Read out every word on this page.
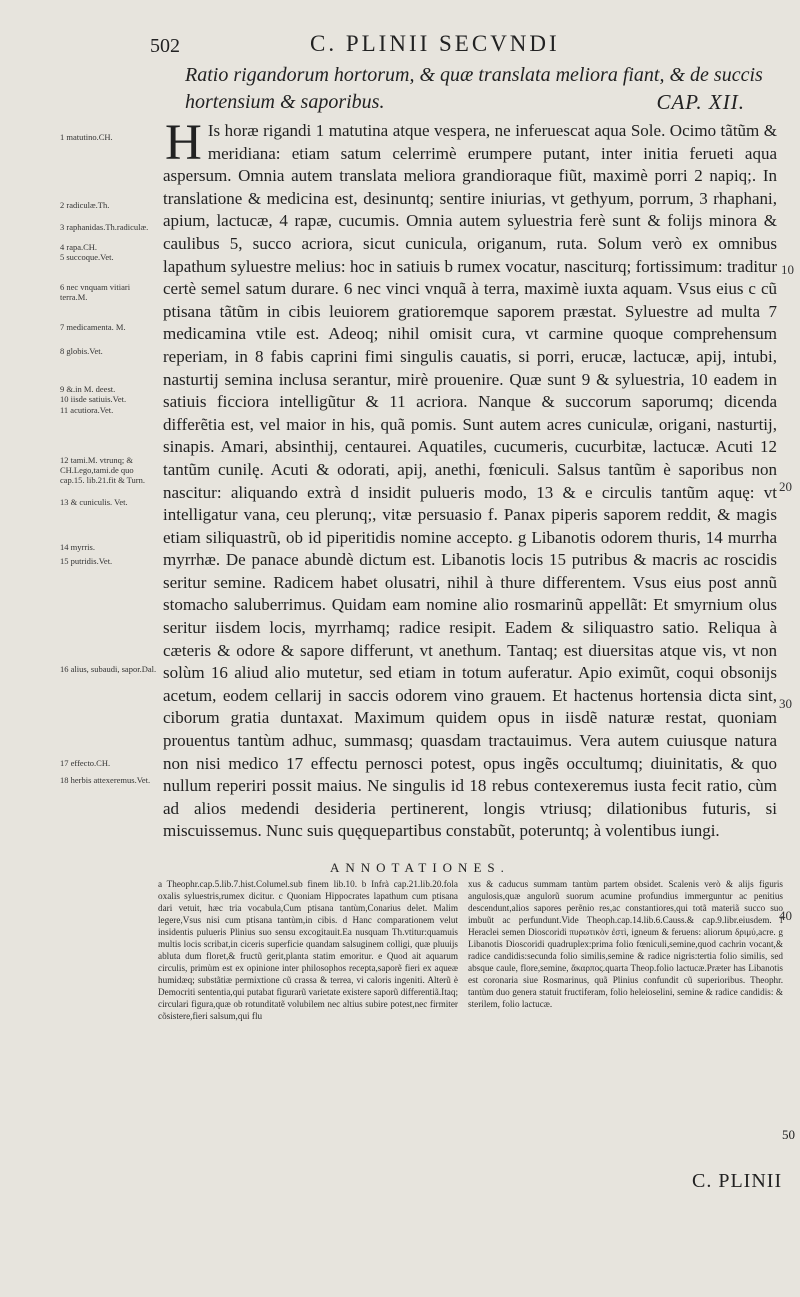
502	C. PLINII SECVNDI
Ratio rigandorum hortorum, & quæ translata meliora fiant, & de succis hortensium & saporibus.	CAP. XII.
1 matutino.CH.
2 radiculæ.Th.
3 raphanidas.Th.radiculæ.
4 rapa.CH.
5 succoque.Vet.
6 nec vnquam vitiari terra.M.
7 medicamenta. M.
8 globis.Vet.
9 &.in M. deest.
10 iisde satiuis.Vet.
11 acutiora.Vet.
12 tami.M. vtrunq; & CH.Lego,tami.de quo cap.15. lib.21.fit & Turn.
13 & cuniculis. Vet.
14 myrris.
15 putridis.Vet.
16 alius, subaudi, sapor.Dal.
17 effecto.CH.
18 herbis attexeremus.Vet.
H Is horæ rigandi 1 matutina atque vespera, ne inferuescat aqua Sole. Ocimo tãtũm & meridiana: etiam satum celerrimè erumpere putant, inter initia ferueti aqua aspersum. Omnia autem translata meliora grandioraque fiũt, maximè porri 2 napiq;. In translatione & medicina est, desinuntq; sentire iniurias, vt gethyum, porrum, 3 rhaphani, apium, lactucæ, 4 rapæ, cucumis. Omnia autem syluestria ferè sunt & folijs minora & caulibus 5, succo acriora, sicut cunicula, origanum, ruta. Solum verò ex omnibus lapathum syluestre melius: hoc in satiuis b rumex vocatur, nasciturq; fortissimum: traditur certè semel satum durare. 6 nec vinci vnquã à terra, maximè iuxta aquam. Vsus eius c cũ ptisana tãtũm in cibis leuiorem gratioremque saporem præstat. Syluestre ad multa 7 medicamina vtile est. Adeoq; nihil omisit cura, vt carmine quoque comprehensum reperiam, in 8 fabis caprini fimi singulis cauatis, si porri, erucæ, lactucæ, apij, intubi, nasturtij semina inclusa serantur, mirè prouenire. Quæ sunt 9 & syluestria, 10 eadem in satiuis ficciora intelligũtur & 11 acriora. Nanque & succorum saporumq; dicenda differẽtia est, vel maior in his, quã pomis. Sunt autem acres cuniculæ, origani, nasturtij, sinapis. Amari, absinthij, centaurei. Aquatiles, cucumeris, cucurbitæ, lactucæ. Acuti 12 tantũm cunilę. Acuti & odorati, apij, anethi, fœniculi. Salsus tantũm è saporibus non nascitur: aliquando extrà d insidit pulueris modo, 13 & e circulis tantũm aquę: vt intelligatur vana, ceu plerunq;, vitæ persuasio f. Panax piperis saporem reddit, & magis etiam siliquastrũ, ob id piperitidis nomine accepto. g Libanotis odorem thuris, 14 murrha myrrhæ. De panace abundè dictum est. Libanotis locis 15 putribus & macris ac roscidis seritur semine. Radicem habet olusatri, nihil à thure differentem. Vsus eius post annũ stomacho saluberrimus. Quidam eam nomine alio rosmarinũ appellãt: Et smyrnium olus seritur iisdem locis, myrrhamq; radice resipit. Eadem & siliquastro satio. Reliqua à cæteris & odore & sapore differunt, vt anethum. Tantaq; est diuersitas atque vis, vt non solùm 16 aliud alio mutetur, sed etiam in totum auferatur. Apio eximũt, coqui obsonijs acetum, eodem cellarij in saccis odorem vino grauem. Et hactenus hortensia dicta sint, ciborum gratia duntaxat. Maximum quidem opus in iisdẽ naturæ restat, quoniam prouentus tantùm adhuc, summasq; quasdam tractauimus. Vera autem cuiusque natura non nisi medico 17 effectu pernosci potest, opus ingẽs occultumq; diuinitatis, & quo nullum reperiri possit maius. Ne singulis id 18 rebus contexeremus iusta fecit ratio, cùm ad alios medendi desideria pertinerent, longis vtriusq; dilationibus futuris, si miscuissemus. Nunc suis quęquepartibus constabũt, poteruntq; à volentibus iungi.
10
20
30
40
50
ANNOTATIONES.
a Theophr.cap.5.lib.7.hist.Columel.sub finem lib.10. b Infrà cap.21.lib.20.fola oxalis syluestris,rumex dicitur. c Quoniam Hippocrates lapathum cum ptisana dari vetuit, hæc tria vocabula,Cum ptisana tantùm,Conarius delet. Malim legere,Vsus nisi cum ptisana tantùm,in cibis. d Hanc comparationem velut insidentis pulueris Plinius suo sensu excogitauit.Ea nusquam Th.vtitur:quamuis multis locis scribat,in ciceris superficie quandam salsuginem colligi, quæ pluuijs abluta dum floret,& fructũ gerit,planta statim emoritur. e Quod ait aquarum circulis, primùm est ex opinione inter philosophos recepta,saporẽ fieri ex aqueæ humidæq; substãtiæ permixtione cũ crassa & terrea, vi caloris ingeniti. Alterũ è Democriti sententia,qui putabat figurarũ varietate existere saporũ differentiã.Itaq; circulari figura,quæ ob rotunditatẽ volubilem nec altius subire potest,nec firmiter cõsistere,fieri salsum,qui flu
xus & caducus summam tantùm partem obsidet. Scalenis verò & alijs figuris angulosis,quæ angulorũ suorum acumine profundius immerguntur ac penitius descendunt,alios sapores perẽnio res,ac constantiores,qui totã materiã succo suo imbuũt ac perfundunt.Vide Theoph.cap.14.lib.6.Causs.& cap.9.libr.eiusdem. f Heraclei semen Dioscoridi πυρωτικὸν ἐστὶ, igneum & feruens: aliorum δριμύ,acre. g Libanotis Dioscoridi quadruplex:prima folio fœniculi,semine,quod cachrin vocant,& radice candidis:secunda folio similis,semine & radice nigris:tertia folio similis, sed absque caule, flore,semine, ἄκαρπος.quarta Theop.folio lactucæ.Præter has Libanotis est coronaria siue Rosmarinus, quã Plinius confundit cũ superioribus. Theophr. tantùm duo genera statuit fructiferam, folio heleioselini, semine & radice candidis: & sterilem, folio lactucæ.
C. PLINII
